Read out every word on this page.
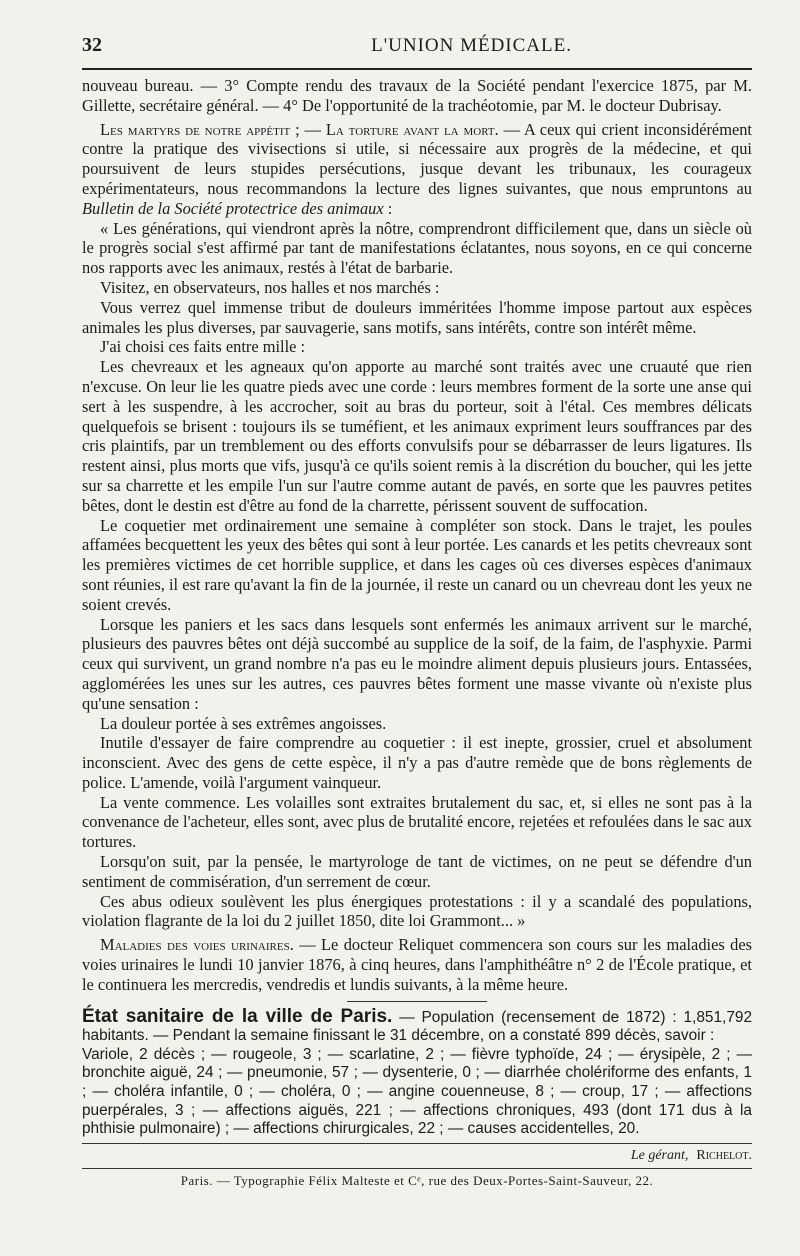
32	L'UNION MÉDICALE.

nouveau bureau. — 3° Compte rendu des travaux de la Société pendant l'exercice 1875, par M. Gillette, secrétaire général. — 4° De l'opportunité de la trachéotomie, par M. le docteur Dubrisay.

Les martyrs de notre appétit ; — La torture avant la mort. — A ceux qui crient inconsidérément contre la pratique des vivisections si utile, si nécessaire aux progrès de la médecine, et qui poursuivent de leurs stupides persécutions, jusque devant les tribunaux, les courageux expérimentateurs, nous recommandons la lecture des lignes suivantes, que nous empruntons au Bulletin de la Société protectrice des animaux :

« Les générations, qui viendront après la nôtre, comprendront difficilement que, dans un siècle où le progrès social s'est affirmé par tant de manifestations éclatantes, nous soyons, en ce qui concerne nos rapports avec les animaux, restés à l'état de barbarie.

Visitez, en observateurs, nos halles et nos marchés :

Vous verrez quel immense tribut de douleurs imméritées l'homme impose partout aux espèces animales les plus diverses, par sauvagerie, sans motifs, sans intérêts, contre son intérêt même.

J'ai choisi ces faits entre mille :

Les chevreaux et les agneaux qu'on apporte au marché sont traités avec une cruauté que rien n'excuse. On leur lie les quatre pieds avec une corde : leurs membres forment de la sorte une anse qui sert à les suspendre, à les accrocher, soit au bras du porteur, soit à l'étal. Ces membres délicats quelquefois se brisent : toujours ils se tuméfient, et les animaux expriment leurs souffrances par des cris plaintifs, par un tremblement ou des efforts convulsifs pour se débarrasser de leurs ligatures. Ils restent ainsi, plus morts que vifs, jusqu'à ce qu'ils soient remis à la discrétion du boucher, qui les jette sur sa charrette et les empile l'un sur l'autre comme autant de pavés, en sorte que les pauvres petites bêtes, dont le destin est d'être au fond de la charrette, périssent souvent de suffocation.

Le coquetier met ordinairement une semaine à compléter son stock. Dans le trajet, les poules affamées becquettent les yeux des bêtes qui sont à leur portée. Les canards et les petits chevreaux sont les premières victimes de cet horrible supplice, et dans les cages où ces diverses espèces d'animaux sont réunies, il est rare qu'avant la fin de la journée, il reste un canard ou un chevreau dont les yeux ne soient crevés.

Lorsque les paniers et les sacs dans lesquels sont enfermés les animaux arrivent sur le marché, plusieurs des pauvres bêtes ont déjà succombé au supplice de la soif, de la faim, de l'asphyxie. Parmi ceux qui survivent, un grand nombre n'a pas eu le moindre aliment depuis plusieurs jours. Entassées, agglomérées les unes sur les autres, ces pauvres bêtes forment une masse vivante où n'existe plus qu'une sensation :

La douleur portée à ses extrêmes angoisses.

Inutile d'essayer de faire comprendre au coquetier : il est inepte, grossier, cruel et absolument inconscient. Avec des gens de cette espèce, il n'y a pas d'autre remède que de bons règlements de police. L'amende, voilà l'argument vainqueur.

La vente commence. Les volailles sont extraites brutalement du sac, et, si elles ne sont pas à la convenance de l'acheteur, elles sont, avec plus de brutalité encore, rejetées et refoulées dans le sac aux tortures.

Lorsqu'on suit, par la pensée, le martyrologe de tant de victimes, on ne peut se défendre d'un sentiment de commisération, d'un serrement de cœur.

Ces abus odieux soulèvent les plus énergiques protestations : il y a scandalé des populations, violation flagrante de la loi du 2 juillet 1850, dite loi Grammont... »

Maladies des voies urinaires. — Le docteur Reliquet commencera son cours sur les maladies des voies urinaires le lundi 10 janvier 1876, à cinq heures, dans l'amphithéâtre n° 2 de l'École pratique, et le continuera les mercredis, vendredis et lundis suivants, à la même heure.

État sanitaire de la ville de Paris. — Population (recensement de 1872) : 1,851,792 habitants. — Pendant la semaine finissant le 31 décembre, on a constaté 899 décès, savoir :

Variole, 2 décès ; — rougeole, 3 ; — scarlatine, 2 ; — fièvre typhoïde, 24 ; — érysipèle, 2 ; — bronchite aiguë, 24 ; — pneumonie, 57 ; — dysenterie, 0 ; — diarrhée cholériforme des enfants, 1 ; — choléra infantile, 0 ; — choléra, 0 ; — angine couenneuse, 8 ; — croup, 17 ; — affections puerpérales, 3 ; — affections aiguës, 221 ; — affections chroniques, 493 (dont 171 dus à la phthisie pulmonaire) ; — affections chirurgicales, 22 ; — causes accidentelles, 20.

Le gérant, Richelot.
Paris. — Typographie Félix Malteste et Cᵉ, rue des Deux-Portes-Saint-Sauveur, 22.
